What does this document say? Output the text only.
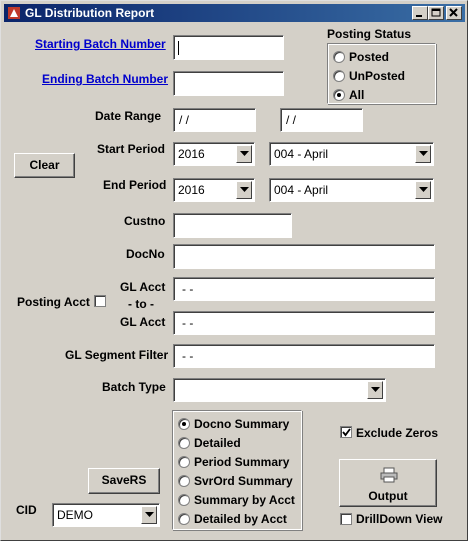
GL Distribution Report
Starting Batch Number
Ending Batch Number
Posting Status
Posted
UnPosted
All
Date Range	/ /	/ /
Clear
Start Period 2016	004 - April
End Period 2016	004 - April
Custno
DocNo
GL Acct	- -
- to -
GL Acct	- -
Posting Acct
GL Segment Filter	- -
Batch Type
Docno Summary
Detailed
Period Summary
SvrOrd Summary
Summary by Acct
Detailed by Acct
Exclude Zeros
SaveRS
Output
DrillDown View
CID DEMO
